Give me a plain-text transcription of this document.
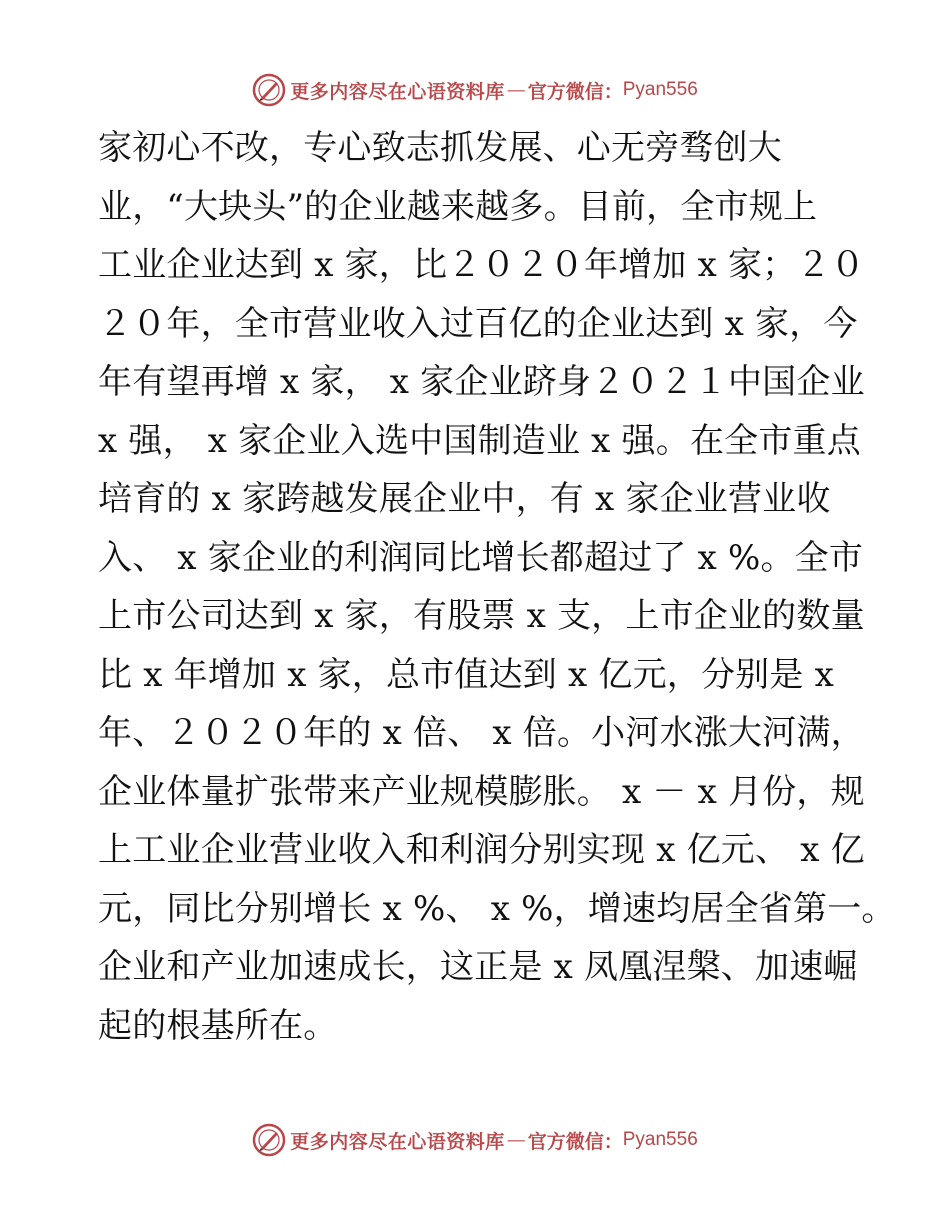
更多内容尽在心语资料库 — 官方微信： Pyan556
家初心不改，专心致志抓发展、心无旁骛创大
业，“大块头”的企业越来越多。目前，全市规上
工业企业达到 x 家，比２０２０年增加 x 家；２０
２０年，全市营业收入过百亿的企业达到 x 家，今
年有望再增 x 家， x 家企业跻身２０２１中国企业
x 强， x 家企业入选中国制造业 x 强。在全市重点
培育的 x 家跨越发展企业中，有 x 家企业营业收
入、 x 家企业的利润同比增长都超过了 x %。全市
上市公司达到 x 家，有股票 x 支，上市企业的数量
比 x 年增加 x 家，总市值达到 x 亿元，分别是 x
年、２０２０年的 x 倍、 x 倍。小河水涨大河满，
企业体量扩张带来产业规模膨胀。 x － x 月份，规
上工业企业营业收入和利润分别实现 x 亿元、 x 亿
元，同比分别增长 x %、 x %，增速均居全省第一。
企业和产业加速成长，这正是 x 凤凰涅槃、加速崛
起的根基所在。
更多内容尽在心语资料库 — 官方微信： Pyan556
